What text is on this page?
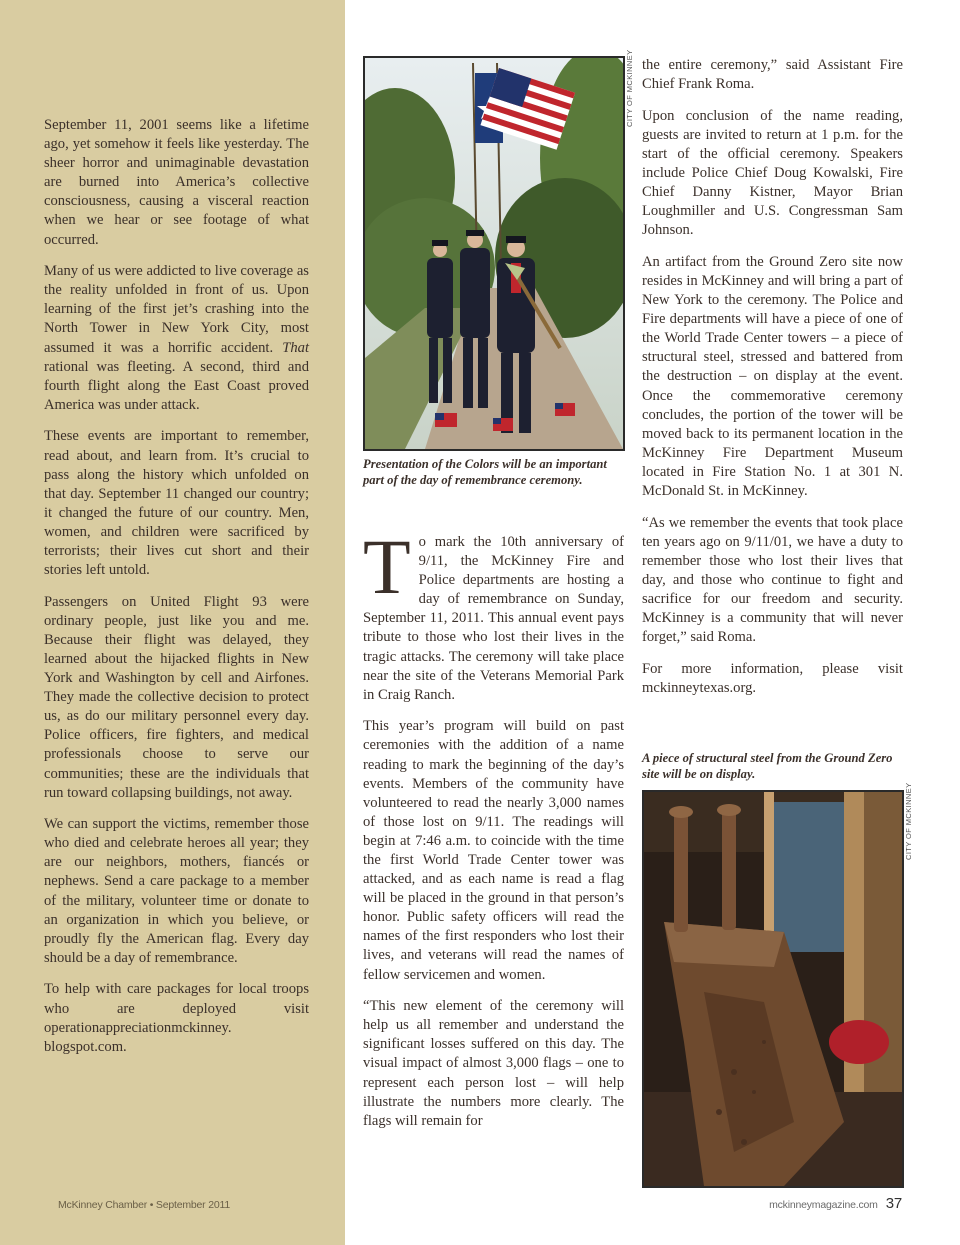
September 11, 2001 seems like a lifetime ago, yet somehow it feels like yesterday. The sheer horror and unimaginable devastation are burned into America’s collective consciousness, causing a visceral reaction when we hear or see footage of what occurred.

Many of us were addicted to live coverage as the reality unfolded in front of us. Upon learning of the first jet’s crashing into the North Tower in New York City, most assumed it was a horrific accident. That rational was fleeting. A second, third and fourth flight along the East Coast proved America was under attack.

These events are important to remember, read about, and learn from. It’s crucial to pass along the history which unfolded on that day. September 11 changed our country; it changed the future of our country. Men, women, and children were sacrificed by terrorists; their lives cut short and their stories left untold.

Passengers on United Flight 93 were ordinary people, just like you and me. Because their flight was delayed, they learned about the hijacked flights in New York and Washington by cell and Airfones. They made the collective decision to protect us, as do our military personnel every day. Police officers, fire fighters, and medical professionals choose to serve our communities; these are the individuals that run toward collapsing buildings, not away.

We can support the victims, remember those who died and celebrate heroes all year; they are our neighbors, mothers, fiancés or nephews. Send a care package to a member of the military, volunteer time or donate to an organization in which you believe, or proudly fly the American flag. Every day should be a day of remembrance.

To help with care packages for local troops who are deployed visit operationappreciationmckinney. blogspot.com.

CITY OF MCKINNEY
Presentation of the Colors will be an important part of the day of remembrance ceremony.

To mark the 10th anniversary of 9/11, the McKinney Fire and Police departments are hosting a day of remembrance on Sunday, September 11, 2011. This annual event pays tribute to those who lost their lives in the tragic attacks. The ceremony will take place near the site of the Veterans Memorial Park in Craig Ranch.

This year’s program will build on past ceremonies with the addition of a name reading to mark the beginning of the day’s events. Members of the community have volunteered to read the nearly 3,000 names of those lost on 9/11. The readings will begin at 7:46 a.m. to coincide with the time the first World Trade Center tower was attacked, and as each name is read a flag will be placed in the ground in that person’s honor. Public safety officers will read the names of the first responders who lost their lives, and veterans will read the names of fellow servicemen and women.

“This new element of the ceremony will help us all remember and understand the significant losses suffered on this day. The visual impact of almost 3,000 flags – one to represent each person lost – will help illustrate the numbers more clearly. The flags will remain for

the entire ceremony,” said Assistant Fire Chief Frank Roma.

Upon conclusion of the name reading, guests are invited to return at 1 p.m. for the start of the official ceremony. Speakers include Police Chief Doug Kowalski, Fire Chief Danny Kistner, Mayor Brian Loughmiller and U.S. Congressman Sam Johnson.

An artifact from the Ground Zero site now resides in McKinney and will bring a part of New York to the ceremony. The Police and Fire departments will have a piece of one of the World Trade Center towers – a piece of structural steel, stressed and battered from the destruction – on display at the event. Once the commemorative ceremony concludes, the portion of the tower will be moved back to its permanent location in the McKinney Fire Department Museum located in Fire Station No. 1 at 301 N. McDonald St. in McKinney.

“As we remember the events that took place ten years ago on 9/11/01, we have a duty to remember those who lost their lives that day, and those who continue to fight and sacrifice for our freedom and security. McKinney is a community that will never forget,” said Roma.

For more information, please visit mckinneytexas.org.

A piece of structural steel from the Ground Zero site will be on display.
CITY OF MCKINNEY
McKinney Chamber • September 2011	mckinneymagazine.com 37
